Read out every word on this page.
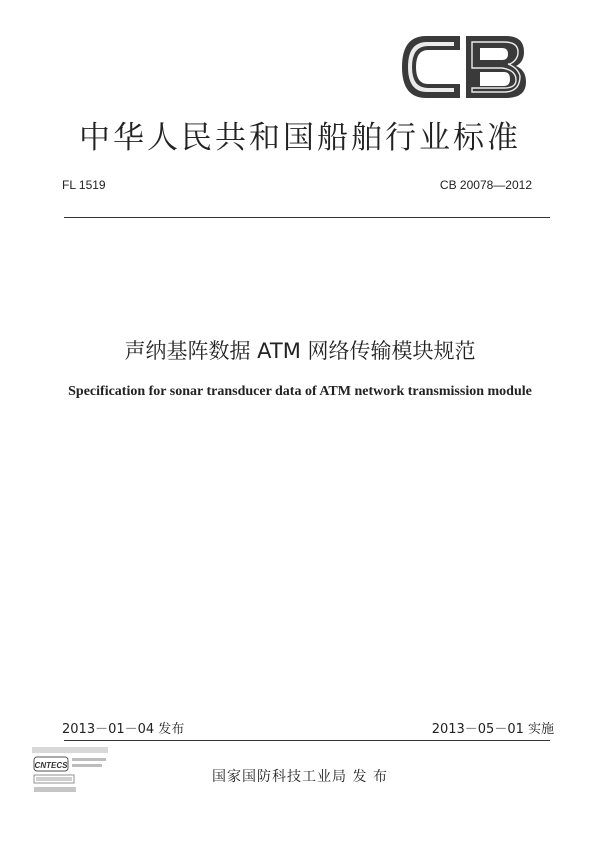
中华人民共和国船舶行业标准
FL 1519	CB 20078—2012
声纳基阵数据 ATM 网络传输模块规范
Specification for sonar transducer data of ATM network transmission module
2013－01－04 发布	2013－05－01 实施
CNTECS
国家国防科技工业局 发 布
